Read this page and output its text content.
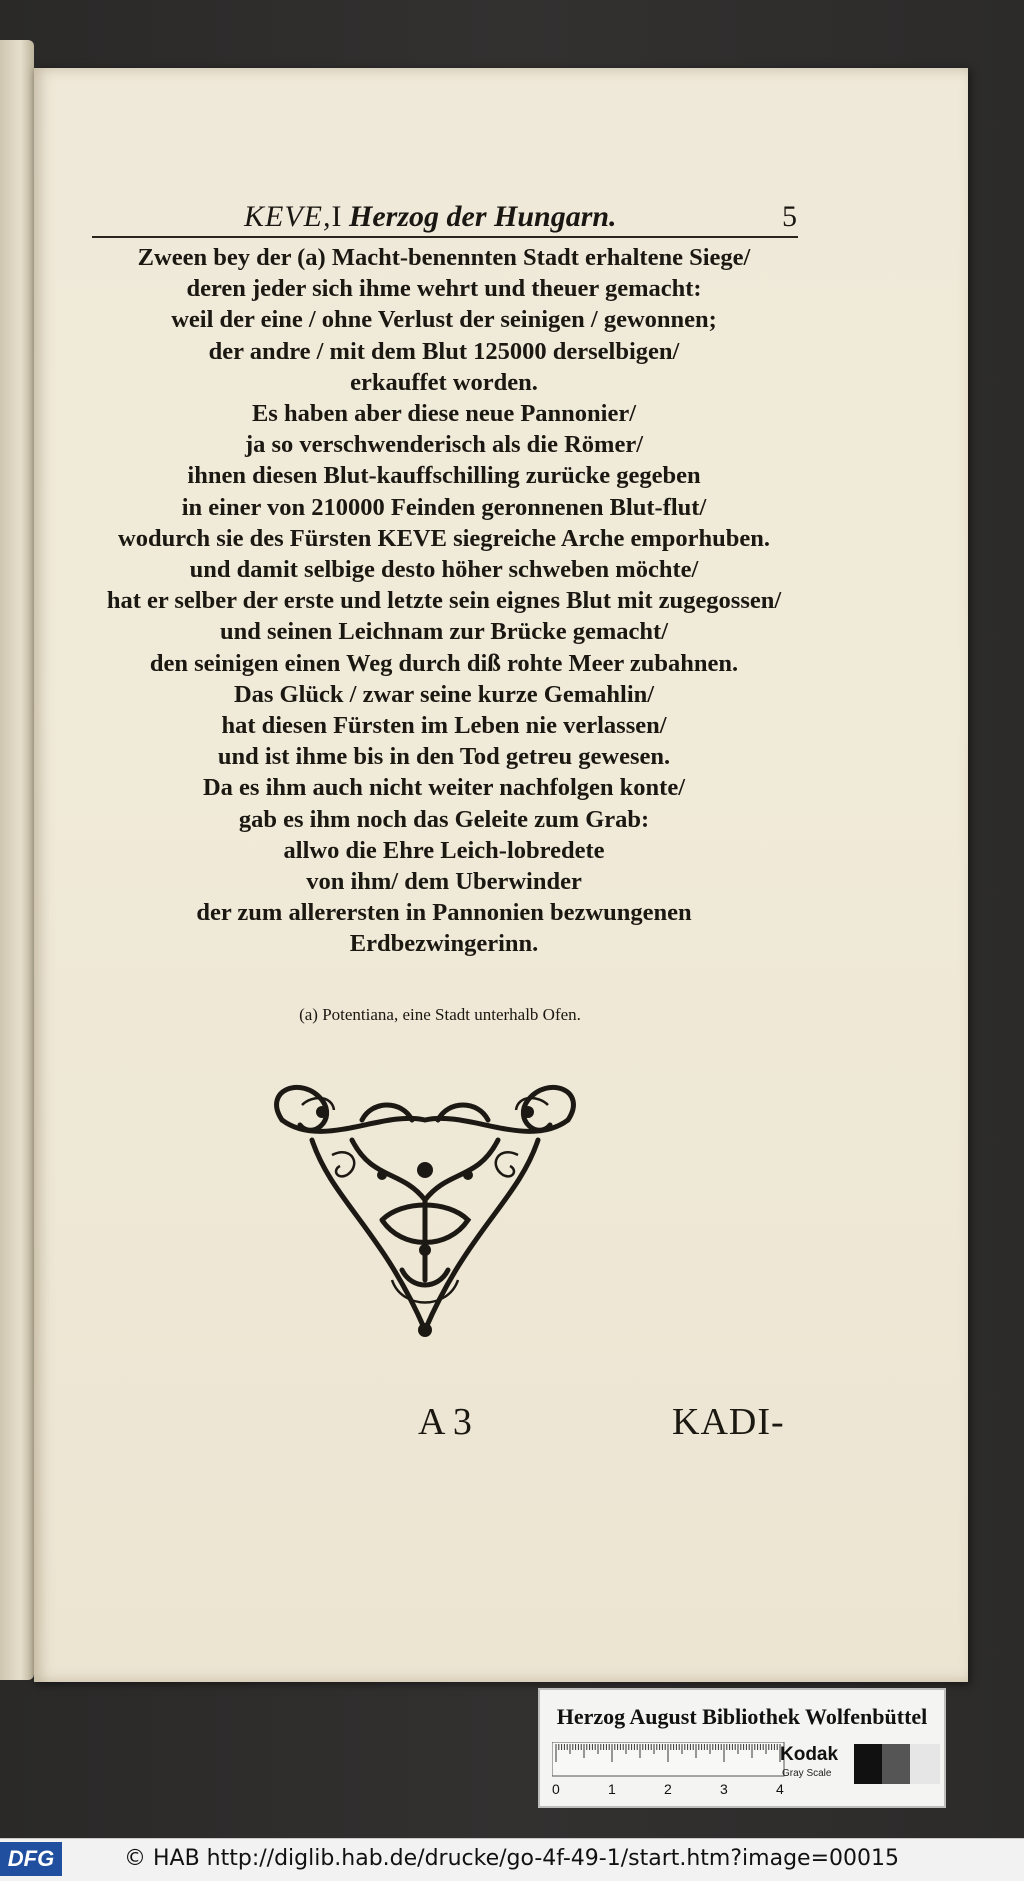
KEVE,I Herzog der Hungarn.	5
Zween bey der (a) Macht-benennten Stadt erhaltene Siege/
deren jeder sich ihme wehrt und theuer gemacht:
weil der eine / ohne Verlust der seinigen / gewonnen;
der andre / mit dem Blut 125000 derselbigen/
erkauffet worden.
Es haben aber diese neue Pannonier/
ja so verschwenderisch als die Römer/
ihnen diesen Blut-kauffschilling zurücke gegeben
in einer von 210000 Feinden geronnenen Blut-flut/
wodurch sie des Fürsten KEVE siegreiche Arche emporhuben.
und damit selbige desto höher schweben möchte/
hat er selber der erste und letzte sein eignes Blut mit zugegossen/
und seinen Leichnam zur Brücke gemacht/
den seinigen einen Weg durch diß rohte Meer zubahnen.
Das Glück / zwar seine kurze Gemahlin/
hat diesen Fürsten im Leben nie verlassen/
und ist ihme bis in den Tod getreu gewesen.
Da es ihm auch nicht weiter nachfolgen konte/
gab es ihm noch das Geleite zum Grab:
allwo die Ehre Leich-lobredete
von ihm/ dem Uberwinder
der zum allerersten in Pannonien bezwungenen
Erdbezwingerinn.
(a) Potentiana, eine Stadt unterhalb Ofen.
A 3	KADI-
Herzog August Bibliothek Wolfenbüttel
0	1	2	3	4
Kodak
Gray Scale
DFG	© HAB http://diglib.hab.de/drucke/go-4f-49-1/start.htm?image=00015
